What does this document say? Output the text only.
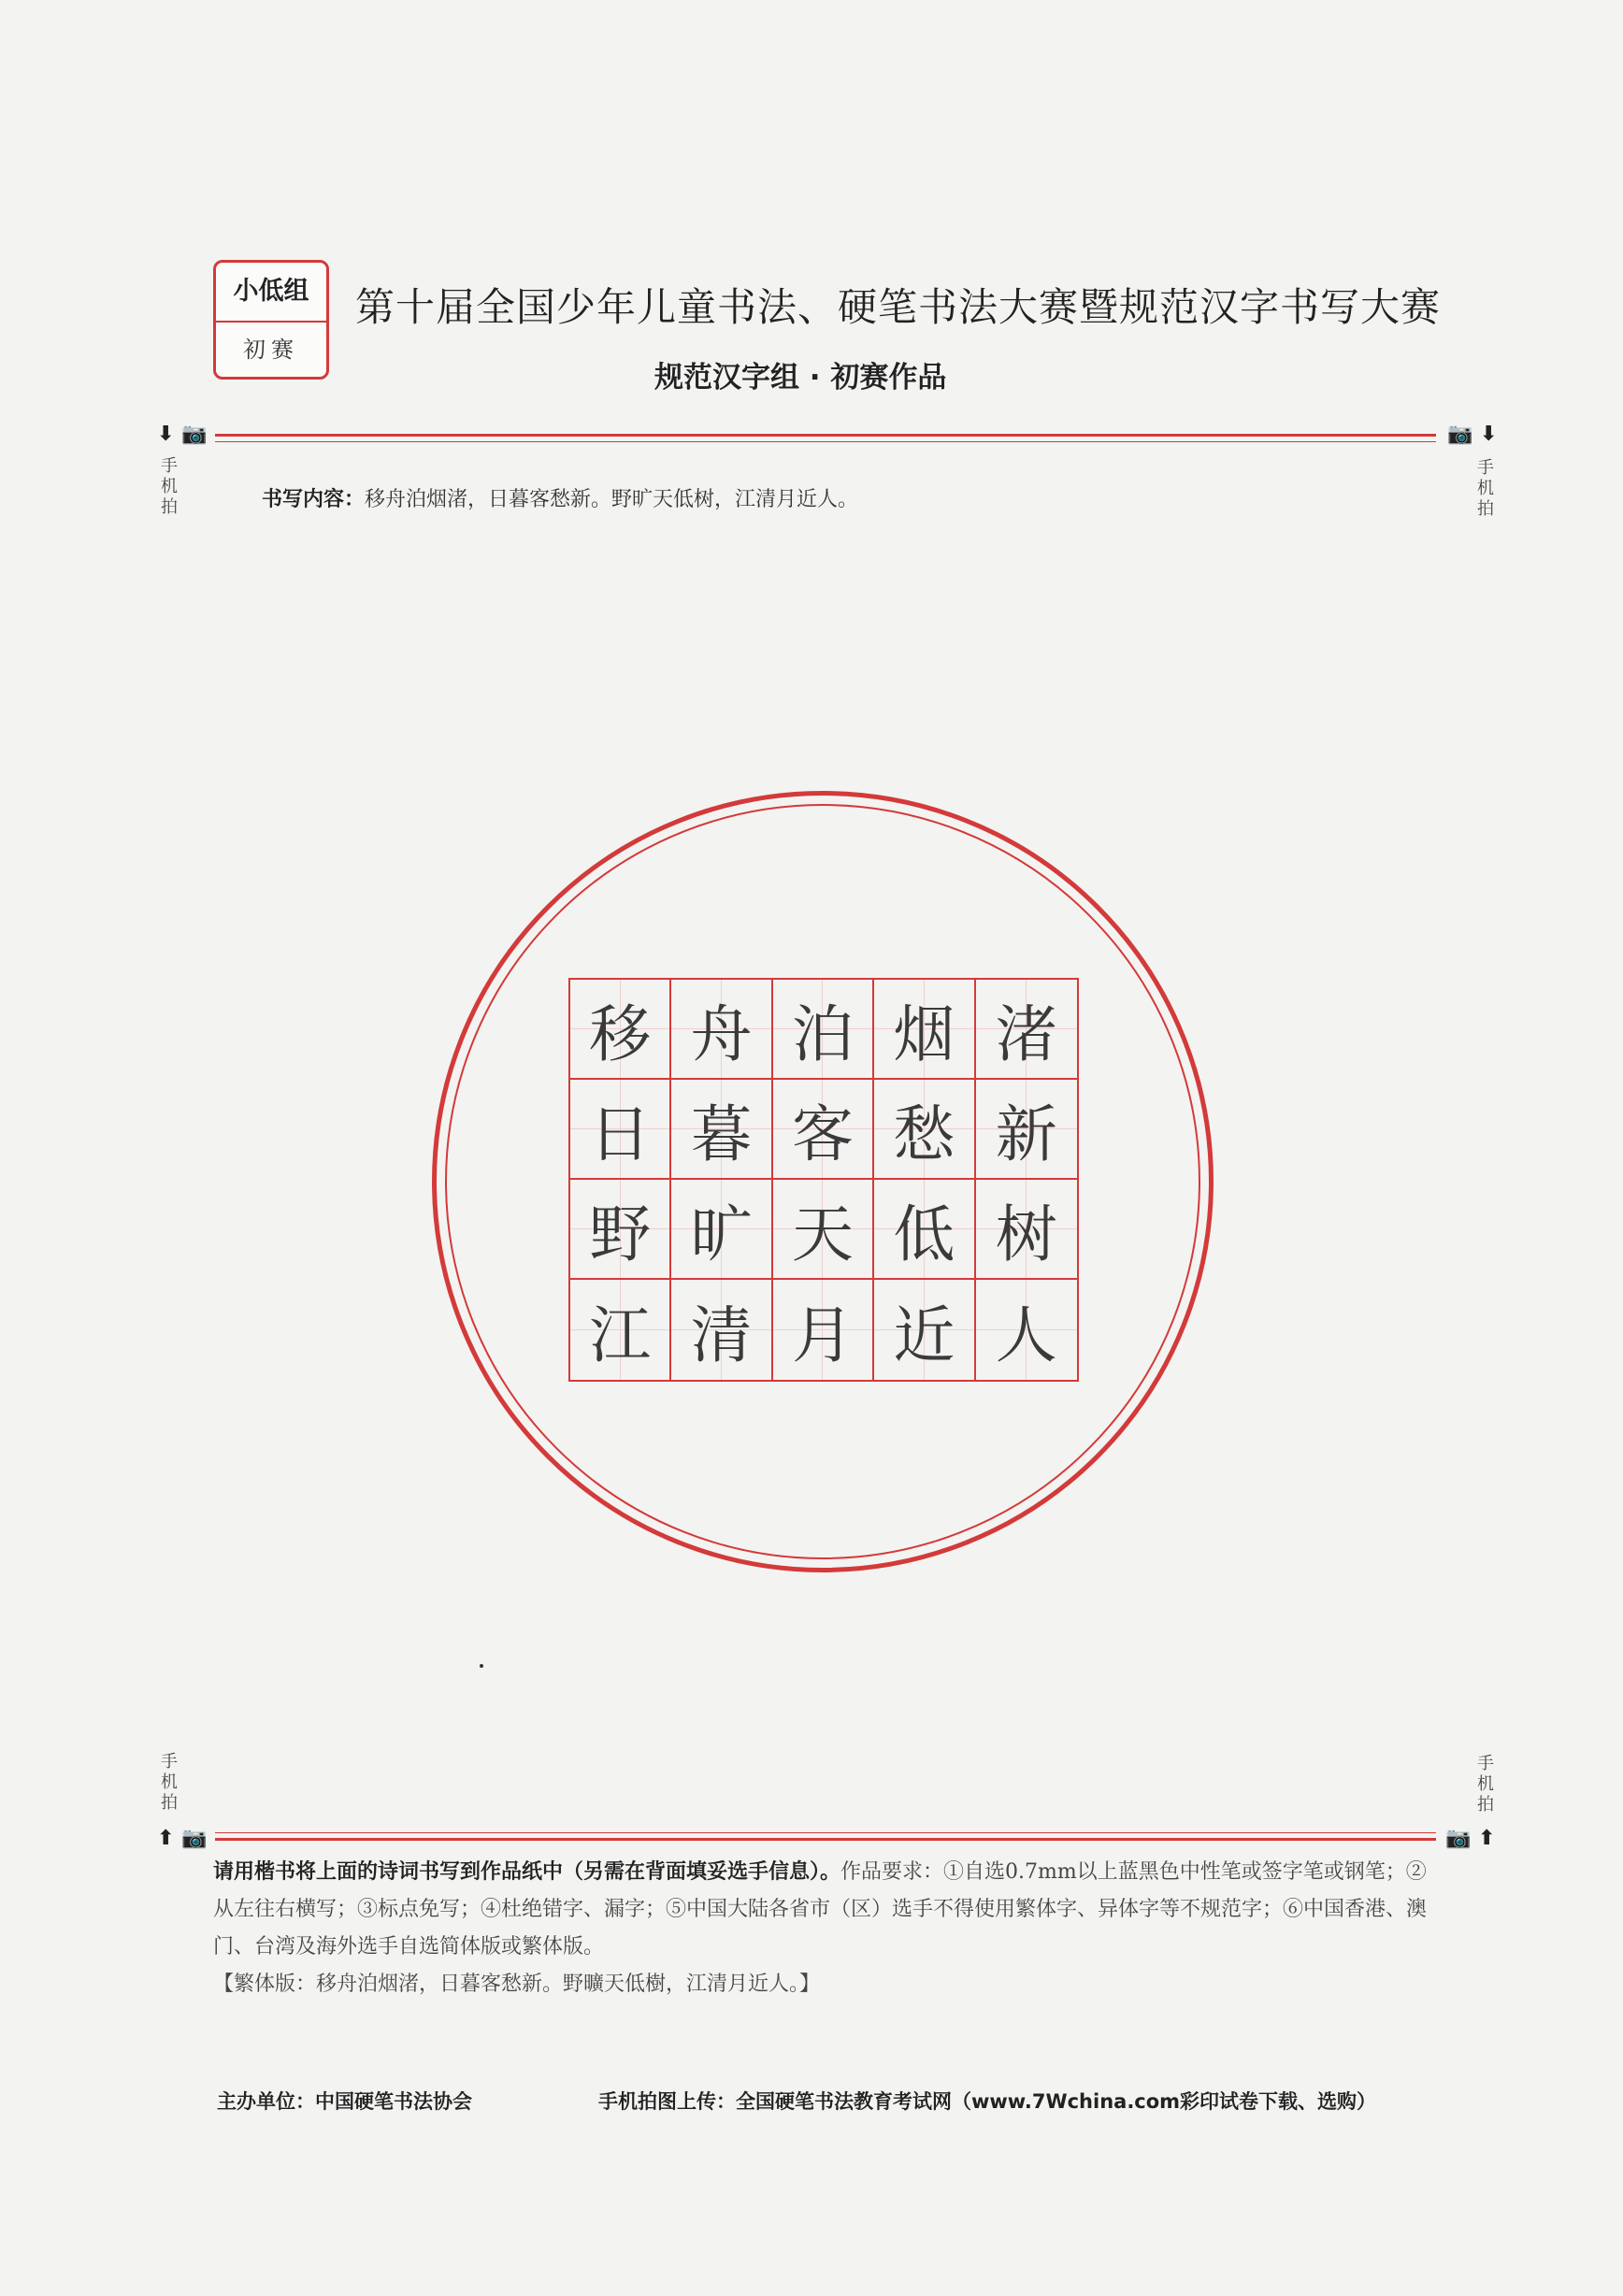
小低组
初赛
第十届全国少年儿童书法、硬笔书法大赛暨规范汉字书写大赛
规范汉字组 · 初赛作品
⬇ 📷	📷 ⬇
手
机
拍
手
机
拍
书写内容：移舟泊烟渚，日暮客愁新。野旷天低树，江清月近人。
移 舟 泊 烟 渚
日 暮 客 愁 新
野 旷 天 低 树
江 清 月 近 人
手
机
拍
手
机
拍
⬆ 📷	📷 ⬆
请用楷书将上面的诗词书写到作品纸中（另需在背面填妥选手信息）。作品要求：①自选0.7mm以上蓝黑色中性笔或签字笔或钢笔；②从左往右横写；③标点免写；④杜绝错字、漏字；⑤中国大陆各省市（区）选手不得使用繁体字、异体字等不规范字；⑥中国香港、澳门、台湾及海外选手自选简体版或繁体版。
【繁体版：移舟泊烟渚，日暮客愁新。野曠天低樹，江清月近人。】
主办单位：中国硬笔书法协会	手机拍图上传：全国硬笔书法教育考试网（www.7Wchina.com彩印试卷下载、选购）
